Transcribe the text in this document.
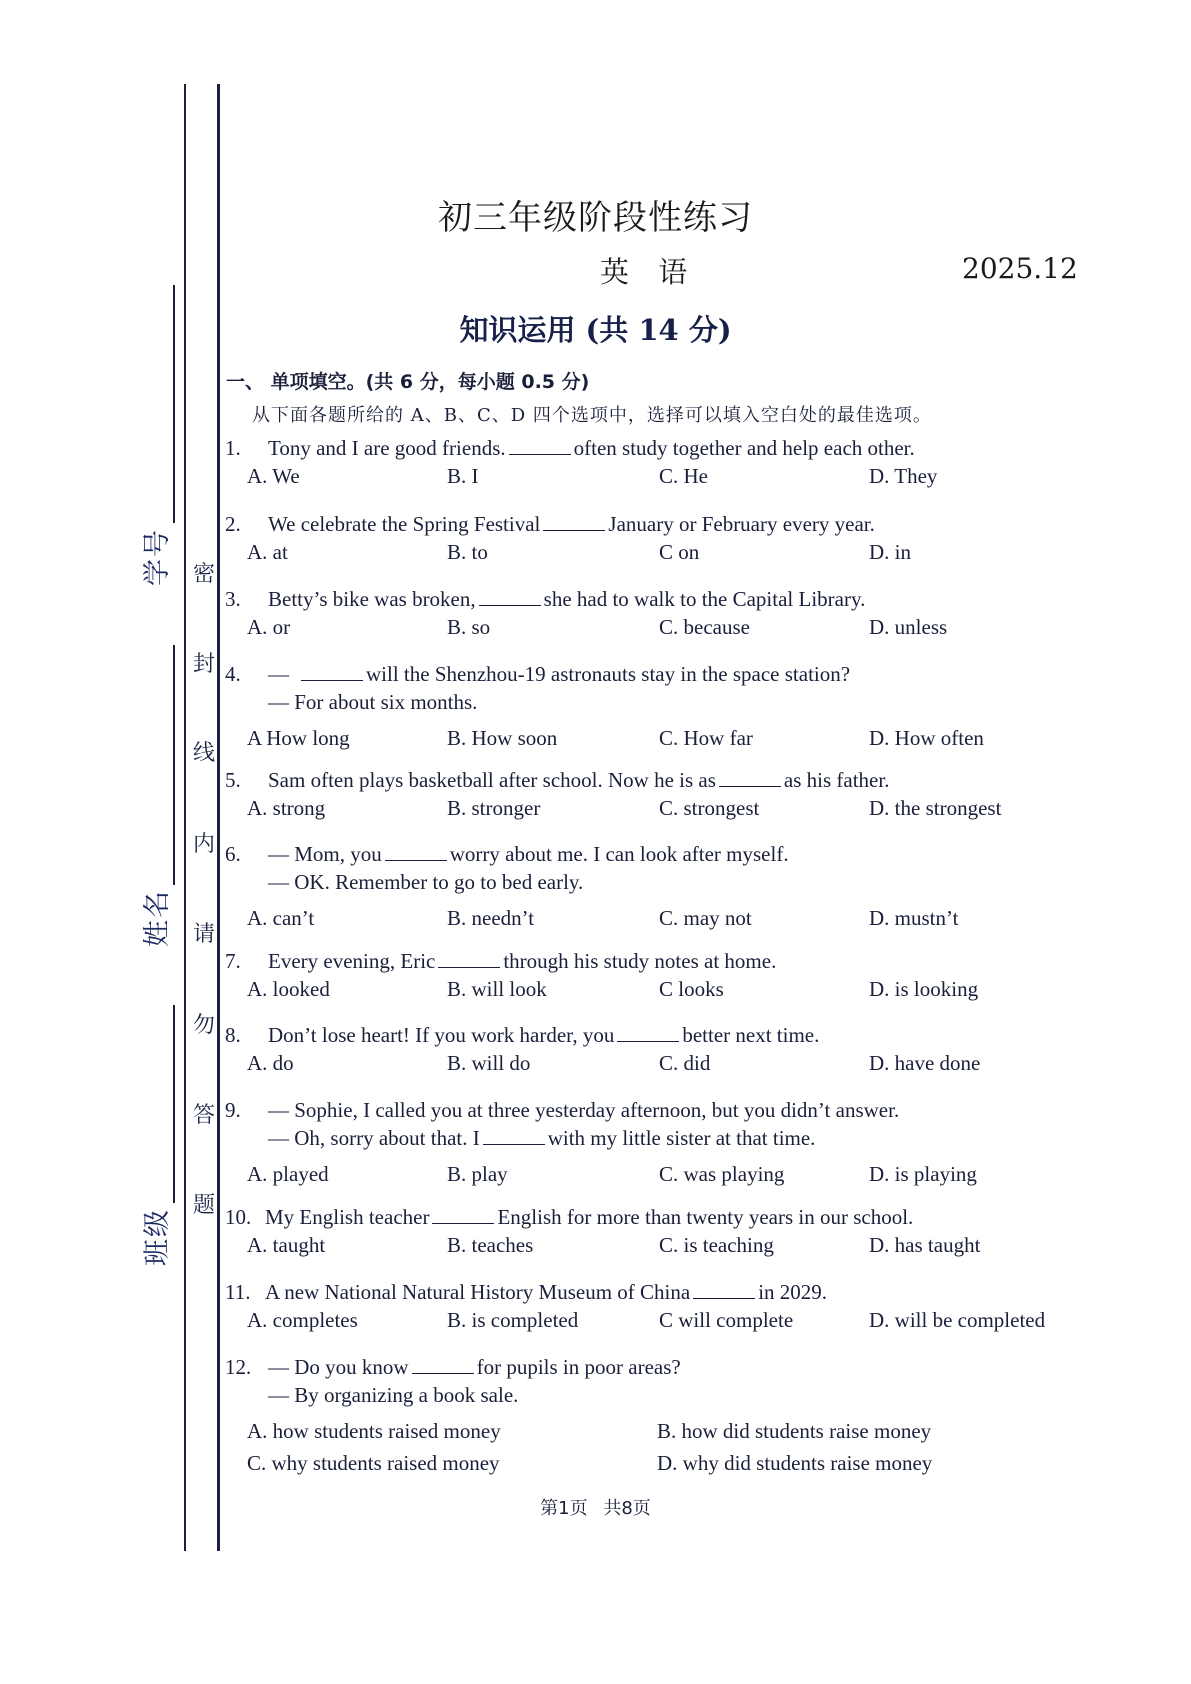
学号
姓名
班级
密
封
线
内
请
勿
答
题
初三年级阶段性练习
英 语	2025.12
知识运用 (共 14 分)
一、 单项填空。(共 6 分，每小题 0.5 分)
从下面各题所给的 A、B、C、D 四个选项中，选择可以填入空白处的最佳选项。
1. Tony and I are good friends.	often study together and help each other.
A. We	B. I	C. He	D. They
2. We celebrate the Spring Festival	January or February every year.
A. at	B. to	C on	D. in
3. Betty’s bike was broken,	she had to walk to the Capital Library.
A. or	B. so	C. because	D. unless
4. —	will the Shenzhou-19 astronauts stay in the space station?
— For about six months.
A How long	B. How soon	C. How far	D. How often
5. Sam often plays basketball after school. Now he is as	as his father.
A. strong	B. stronger	C. strongest	D. the strongest
6. — Mom, you	worry about me. I can look after myself.
— OK. Remember to go to bed early.
A. can’t	B. needn’t	C. may not	D. mustn’t
7. Every evening, Eric	through his study notes at home.
A. looked	B. will look	C looks	D. is looking
8. Don’t lose heart! If you work harder, you	better next time.
A. do	B. will do	C. did	D. have done
9. — Sophie, I called you at three yesterday afternoon, but you didn’t answer.
— Oh, sorry about that. I	with my little sister at that time.
A. played	B. play	C. was playing	D. is playing
10. My English teacher	English for more than twenty years in our school.
A. taught	B. teaches	C. is teaching	D. has taught
11. A new National Natural History Museum of China	in 2029.
A. completes	B. is completed	C will complete	D. will be completed
12. — Do you know	for pupils in poor areas?
— By organizing a book sale.
A. how students raised money	B. how did students raise money
C. why students raised money	D. why did students raise money
第1页 共8页
